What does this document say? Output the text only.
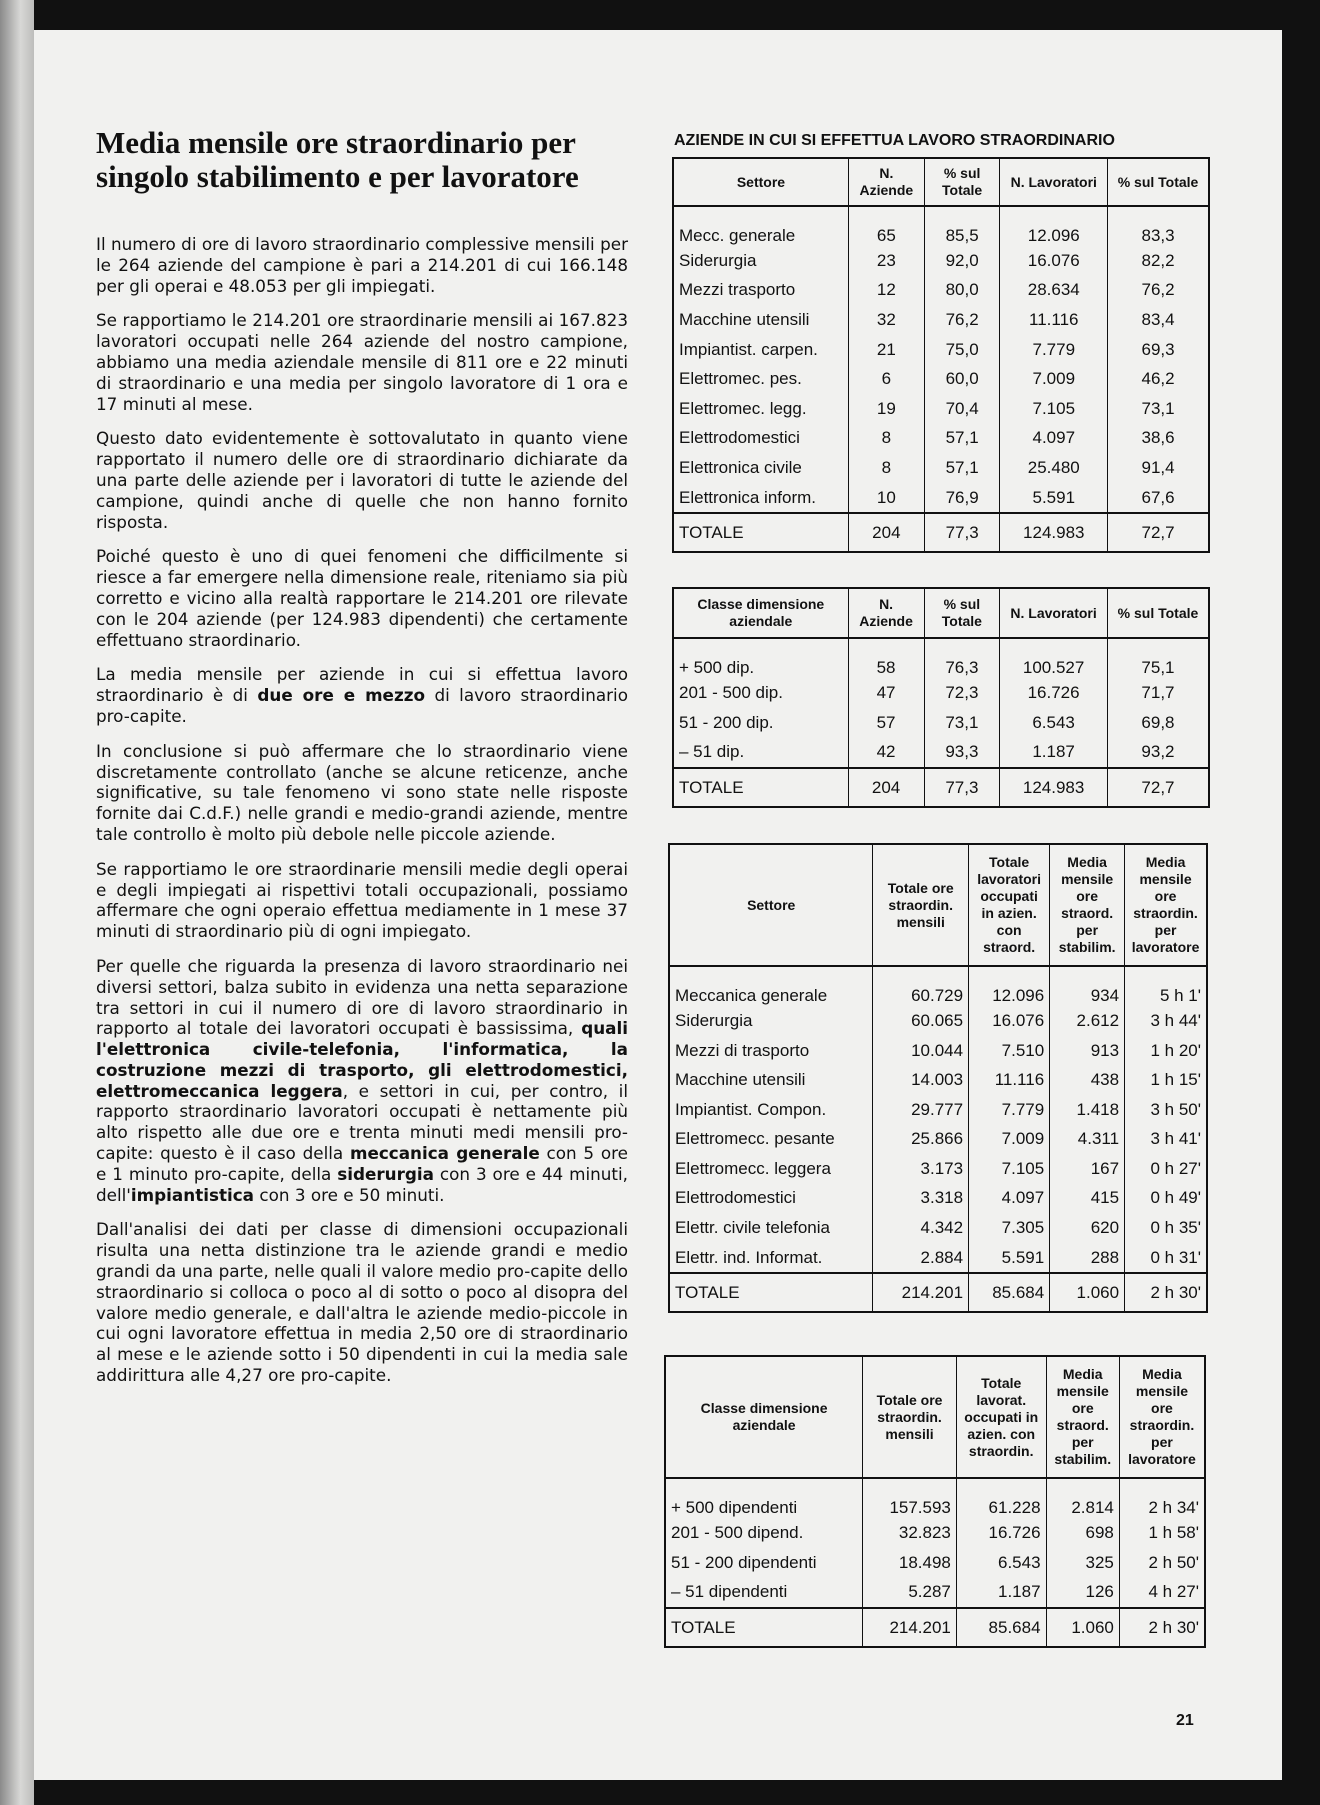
Media mensile ore straordinario per singolo stabilimento e per lavoratore

Il numero di ore di lavoro straordinario complessive mensili per le 264 aziende del campione è pari a 214.201 di cui 166.148 per gli operai e 48.053 per gli impiegati.

Se rapportiamo le 214.201 ore straordinarie mensili ai 167.823 lavoratori occupati nelle 264 aziende del nostro campione, abbiamo una media aziendale mensile di 811 ore e 22 minuti di straordinario e una media per singolo lavoratore di 1 ora e 17 minuti al mese.

Questo dato evidentemente è sottovalutato in quanto viene rapportato il numero delle ore di straordinario dichiarate da una parte delle aziende per i lavoratori di tutte le aziende del campione, quindi anche di quelle che non hanno fornito risposta.

Poiché questo è uno di quei fenomeni che difficilmente si riesce a far emergere nella dimensione reale, riteniamo sia più corretto e vicino alla realtà rapportare le 214.201 ore rilevate con le 204 aziende (per 124.983 dipendenti) che certamente effettuano straordinario.

La media mensile per aziende in cui si effettua lavoro straordinario è di due ore e mezzo di lavoro straordinario pro-capite.

In conclusione si può affermare che lo straordinario viene discretamente controllato (anche se alcune reticenze, anche significative, su tale fenomeno vi sono state nelle risposte fornite dai C.d.F.) nelle grandi e medio-grandi aziende, mentre tale controllo è molto più debole nelle piccole aziende.

Se rapportiamo le ore straordinarie mensili medie degli operai e degli impiegati ai rispettivi totali occupazionali, possiamo affermare che ogni operaio effettua mediamente in 1 mese 37 minuti di straordinario più di ogni impiegato.

Per quelle che riguarda la presenza di lavoro straordinario nei diversi settori, balza subito in evidenza una netta separazione tra settori in cui il numero di ore di lavoro straordinario in rapporto al totale dei lavoratori occupati è bassissima, quali l'elettronica civile-telefonia, l'informatica, la costruzione mezzi di trasporto, gli elettrodomestici, elettromeccanica leggera, e settori in cui, per contro, il rapporto straordinario lavoratori occupati è nettamente più alto rispetto alle due ore e trenta minuti medi mensili pro-capite: questo è il caso della meccanica generale con 5 ore e 1 minuto pro-capite, della siderurgia con 3 ore e 44 minuti, dell'impiantistica con 3 ore e 50 minuti.

Dall'analisi dei dati per classe di dimensioni occupazionali risulta una netta distinzione tra le aziende grandi e medio grandi da una parte, nelle quali il valore medio pro-capite dello straordinario si colloca o poco al di sotto o poco al disopra del valore medio generale, e dall'altra le aziende medio-piccole in cui ogni lavoratore effettua in media 2,50 ore di straordinario al mese e le aziende sotto i 50 dipendenti in cui la media sale addirittura alle 4,27 ore pro-capite.

AZIENDE IN CUI SI EFFETTUA LAVORO STRAORDINARIO
Settore	N. Aziende	% sul Totale	N. Lavoratori	% sul Totale
Mecc. generale	65	85,5	12.096	83,3
Siderurgia	23	92,0	16.076	82,2
Mezzi trasporto	12	80,0	28.634	76,2
Macchine utensili	32	76,2	11.116	83,4
Impiantist. carpen.	21	75,0	7.779	69,3
Elettromec. pes.	6	60,0	7.009	46,2
Elettromec. legg.	19	70,4	7.105	73,1
Elettrodomestici	8	57,1	4.097	38,6
Elettronica civile	8	57,1	25.480	91,4
Elettronica inform.	10	76,9	5.591	67,6
TOTALE	204	77,3	124.983	72,7
Classe dimensione aziendale	N. Aziende	% sul Totale	N. Lavoratori	% sul Totale
+ 500 dip.	58	76,3	100.527	75,1
201 - 500 dip.	47	72,3	16.726	71,7
51 - 200 dip.	57	73,1	6.543	69,8
– 51 dip.	42	93,3	1.187	93,2
TOTALE	204	77,3	124.983	72,7
Settore	Totale ore straordin. mensili	Totale lavoratori occupati in azien. con straord.	Media mensile ore straord. per stabilim.	Media mensile ore straordin. per lavoratore
Meccanica generale	60.729	12.096	934	5 h 1'
Siderurgia	60.065	16.076	2.612	3 h 44'
Mezzi di trasporto	10.044	7.510	913	1 h 20'
Macchine utensili	14.003	11.116	438	1 h 15'
Impiantist. Compon.	29.777	7.779	1.418	3 h 50'
Elettromecc. pesante	25.866	7.009	4.311	3 h 41'
Elettromecc. leggera	3.173	7.105	167	0 h 27'
Elettrodomestici	3.318	4.097	415	0 h 49'
Elettr. civile telefonia	4.342	7.305	620	0 h 35'
Elettr. ind. Informat.	2.884	5.591	288	0 h 31'
TOTALE	214.201	85.684	1.060	2 h 30'
Classe dimensione aziendale	Totale ore straordin. mensili	Totale lavorat. occupati in azien. con straordin.	Media mensile ore straord. per stabilim.	Media mensile ore straordin. per lavoratore
+ 500 dipendenti	157.593	61.228	2.814	2 h 34'
201 - 500 dipend.	32.823	16.726	698	1 h 58'
51 - 200 dipendenti	18.498	6.543	325	2 h 50'
– 51 dipendenti	5.287	1.187	126	4 h 27'
TOTALE	214.201	85.684	1.060	2 h 30'
21
